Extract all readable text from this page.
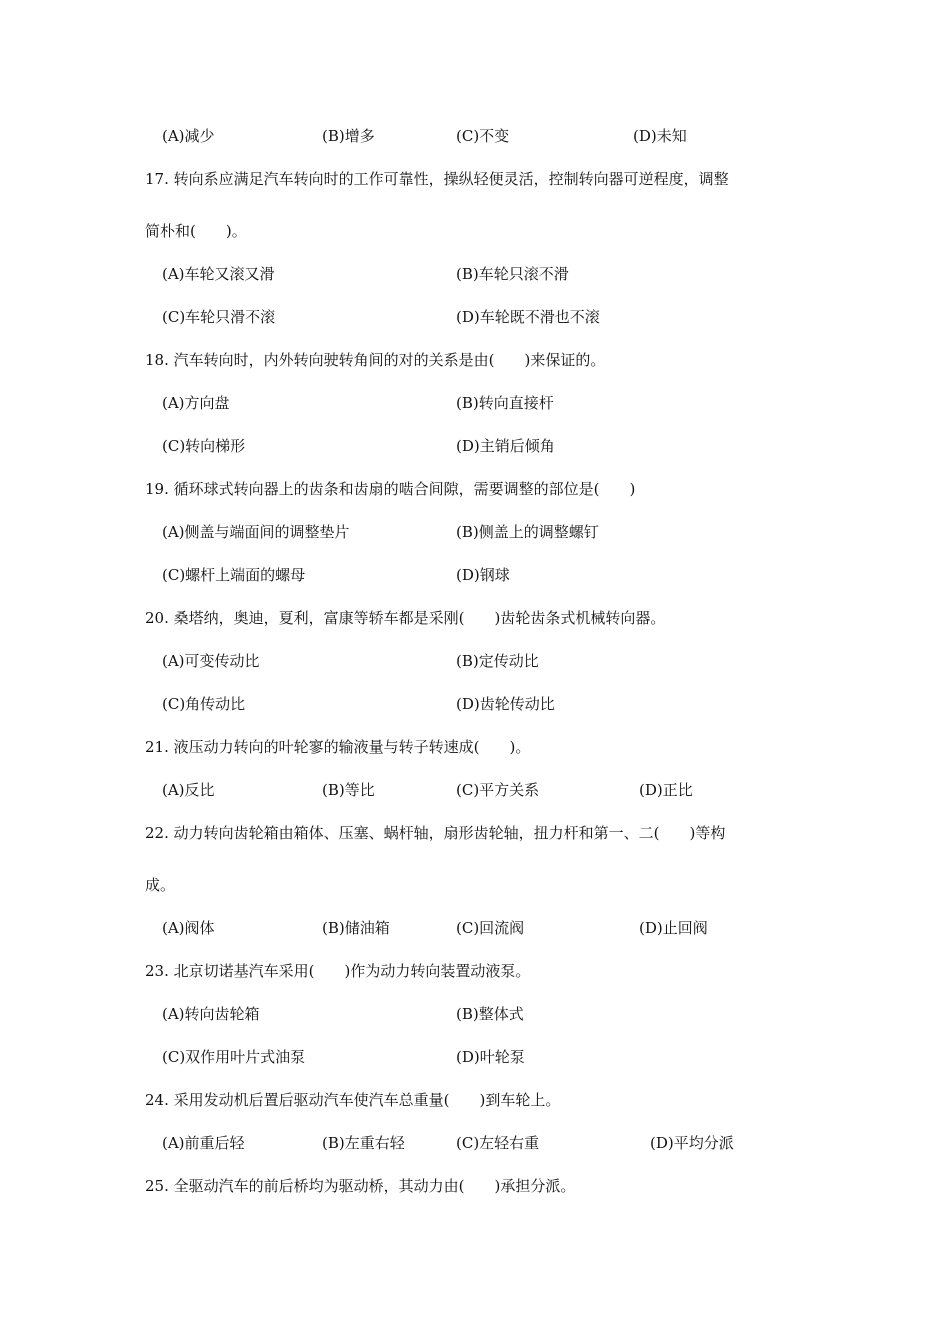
(A)减少	(B)增多	(C)不变	(D)未知
17. 转向系应满足汽车转向时的工作可靠性，操纵轻便灵活，控制转向器可逆程度，调整
简朴和(　　)。
(A)车轮又滚又滑	(B)车轮只滚不滑
(C)车轮只滑不滚	(D)车轮既不滑也不滚
18. 汽车转向时，内外转向驶转角间的对的关系是由(　　)来保证的。
(A)方向盘	(B)转向直接杆
(C)转向梯形	(D)主销后倾角
19. 循环球式转向器上的齿条和齿扇的啮合间隙，需要调整的部位是(　　)
(A)侧盖与端面间的调整垫片	(B)侧盖上的调整螺钉
(C)螺杆上端面的螺母	(D)钢球
20. 桑塔纳，奥迪，夏利，富康等轿车都是采刚(　　)齿轮齿条式机械转向器。
(A)可变传动比	(B)定传动比
(C)角传动比	(D)齿轮传动比
21. 液压动力转向的叶轮寥的输液量与转子转速成(　　)。
(A)反比	(B)等比	(C)平方关系	(D)正比
22. 动力转向齿轮箱由箱体、压塞、蜗杆轴，扇形齿轮轴，扭力杆和第一、二(　　)等构
成。
(A)阀体	(B)储油箱	(C)回流阀	(D)止回阀
23. 北京切诺基汽车采用(　　)作为动力转向装置动液泵。
(A)转向齿轮箱	(B)整体式
(C)双作用叶片式油泵	(D)叶轮泵
24. 采用发动机后置后驱动汽车使汽车总重量(　　)到车轮上。
(A)前重后轻	(B)左重右轻	(C)左轻右重	(D)平均分派
25. 全驱动汽车的前后桥均为驱动桥，其动力由(　　)承担分派。
